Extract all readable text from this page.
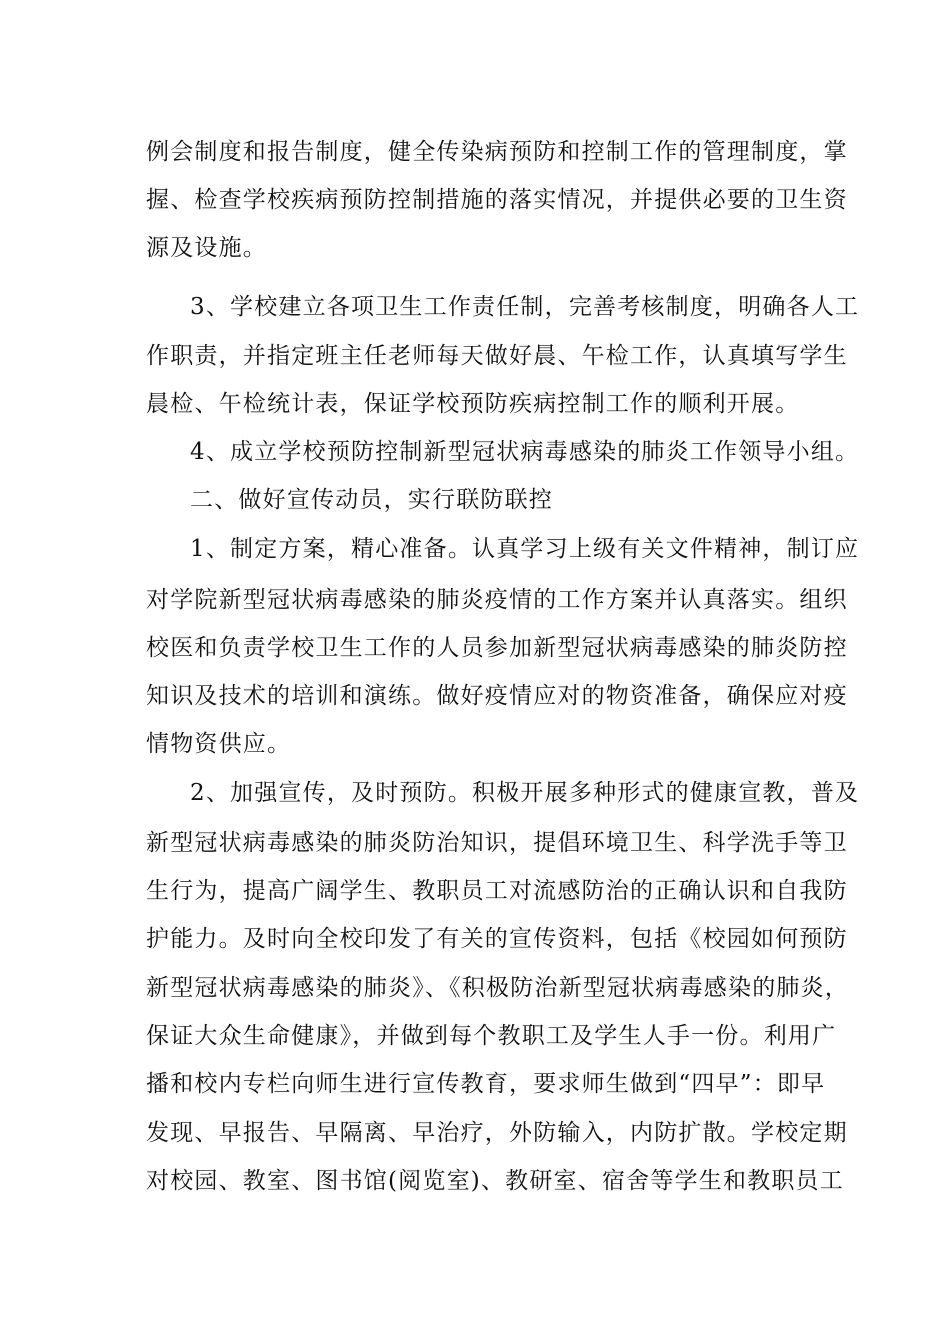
例会制度和报告制度，健全传染病预防和控制工作的管理制度，掌
握、检查学校疾病预防控制措施的落实情况，并提供必要的卫生资
源及设施。
3、学校建立各项卫生工作责任制，完善考核制度，明确各人工
作职责，并指定班主任老师每天做好晨、午检工作，认真填写学生
晨检、午检统计表，保证学校预防疾病控制工作的顺利开展。
4、成立学校预防控制新型冠状病毒感染的肺炎工作领导小组。
二、做好宣传动员，实行联防联控
1、制定方案，精心准备。认真学习上级有关文件精神，制订应
对学院新型冠状病毒感染的肺炎疫情的工作方案并认真落实。组织
校医和负责学校卫生工作的人员参加新型冠状病毒感染的肺炎防控
知识及技术的培训和演练。做好疫情应对的物资准备，确保应对疫
情物资供应。
2、加强宣传，及时预防。积极开展多种形式的健康宣教，普及
新型冠状病毒感染的肺炎防治知识，提倡环境卫生、科学洗手等卫
生行为，提高广阔学生、教职员工对流感防治的正确认识和自我防
护能力。及时向全校印发了有关的宣传资料，包括《校园如何预防
新型冠状病毒感染的肺炎》、《积极防治新型冠状病毒感染的肺炎，
保证大众生命健康》，并做到每个教职工及学生人手一份。利用广
播和校内专栏向师生进行宣传教育，要求师生做到“四早”：即早
发现、早报告、早隔离、早治疗，外防输入，内防扩散。学校定期
对校园、教室、图书馆(阅览室)、教研室、宿舍等学生和教职员工
